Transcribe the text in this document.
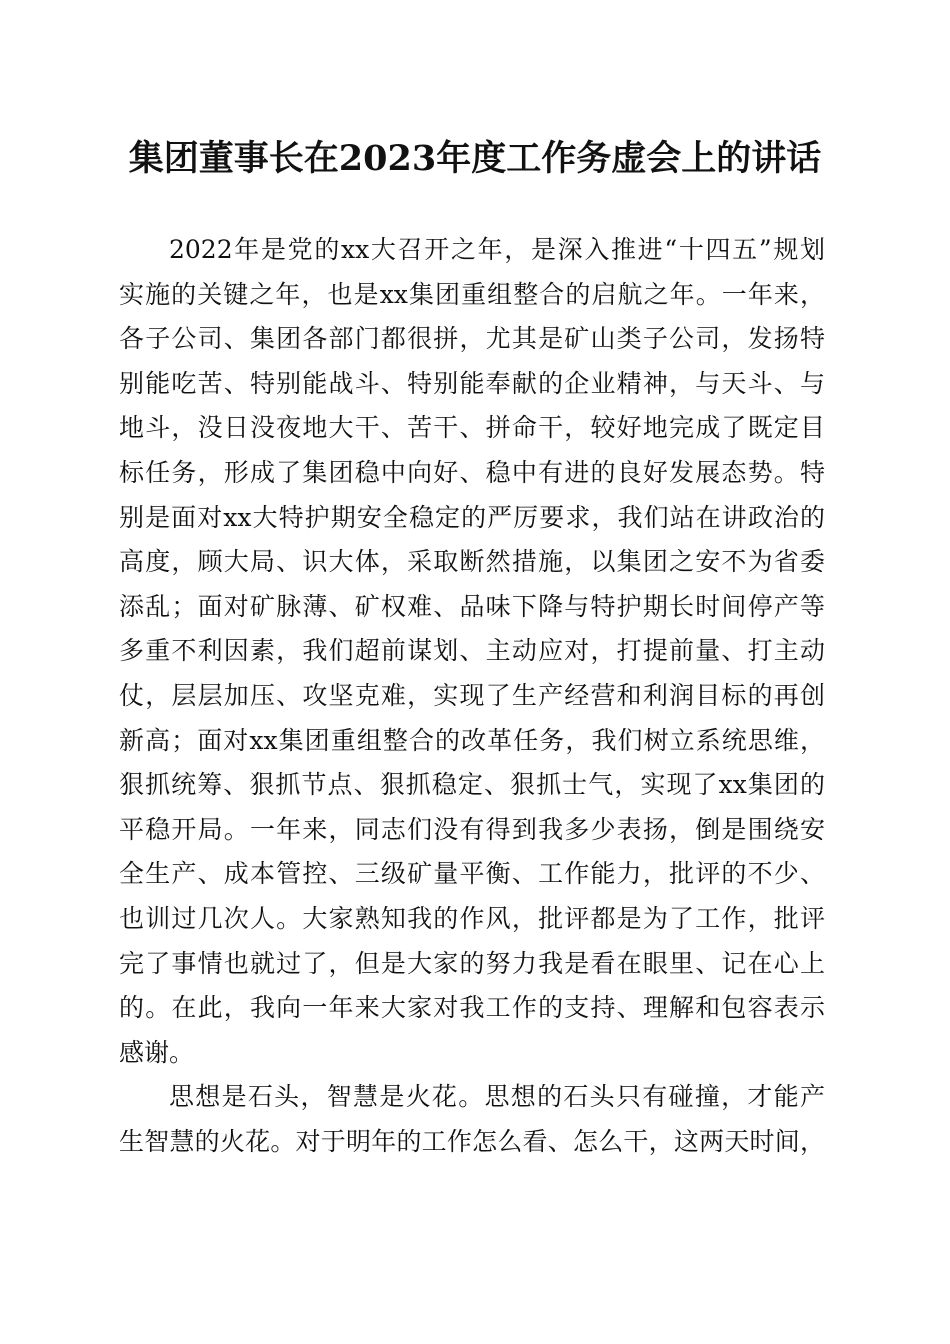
集团董事长在2023年度工作务虚会上的讲话

2022年是党的xx大召开之年，是深入推进“十四五”规划
实施的关键之年，也是xx集团重组整合的启航之年。一年来，
各子公司、集团各部门都很拼，尤其是矿山类子公司，发扬特
别能吃苦、特别能战斗、特别能奉献的企业精神，与天斗、与
地斗，没日没夜地大干、苦干、拼命干，较好地完成了既定目
标任务，形成了集团稳中向好、稳中有进的良好发展态势。特
别是面对xx大特护期安全稳定的严厉要求，我们站在讲政治的
高度，顾大局、识大体，采取断然措施，以集团之安不为省委
添乱；面对矿脉薄、矿权难、品味下降与特护期长时间停产等
多重不利因素，我们超前谋划、主动应对，打提前量、打主动
仗，层层加压、攻坚克难，实现了生产经营和利润目标的再创
新高；面对xx集团重组整合的改革任务，我们树立系统思维，
狠抓统筹、狠抓节点、狠抓稳定、狠抓士气，实现了xx集团的
平稳开局。一年来，同志们没有得到我多少表扬，倒是围绕安
全生产、成本管控、三级矿量平衡、工作能力，批评的不少、
也训过几次人。大家熟知我的作风，批评都是为了工作，批评
完了事情也就过了，但是大家的努力我是看在眼里、记在心上
的。在此，我向一年来大家对我工作的支持、理解和包容表示
感谢。

思想是石头，智慧是火花。思想的石头只有碰撞，才能产
生智慧的火花。对于明年的工作怎么看、怎么干，这两天时间，
